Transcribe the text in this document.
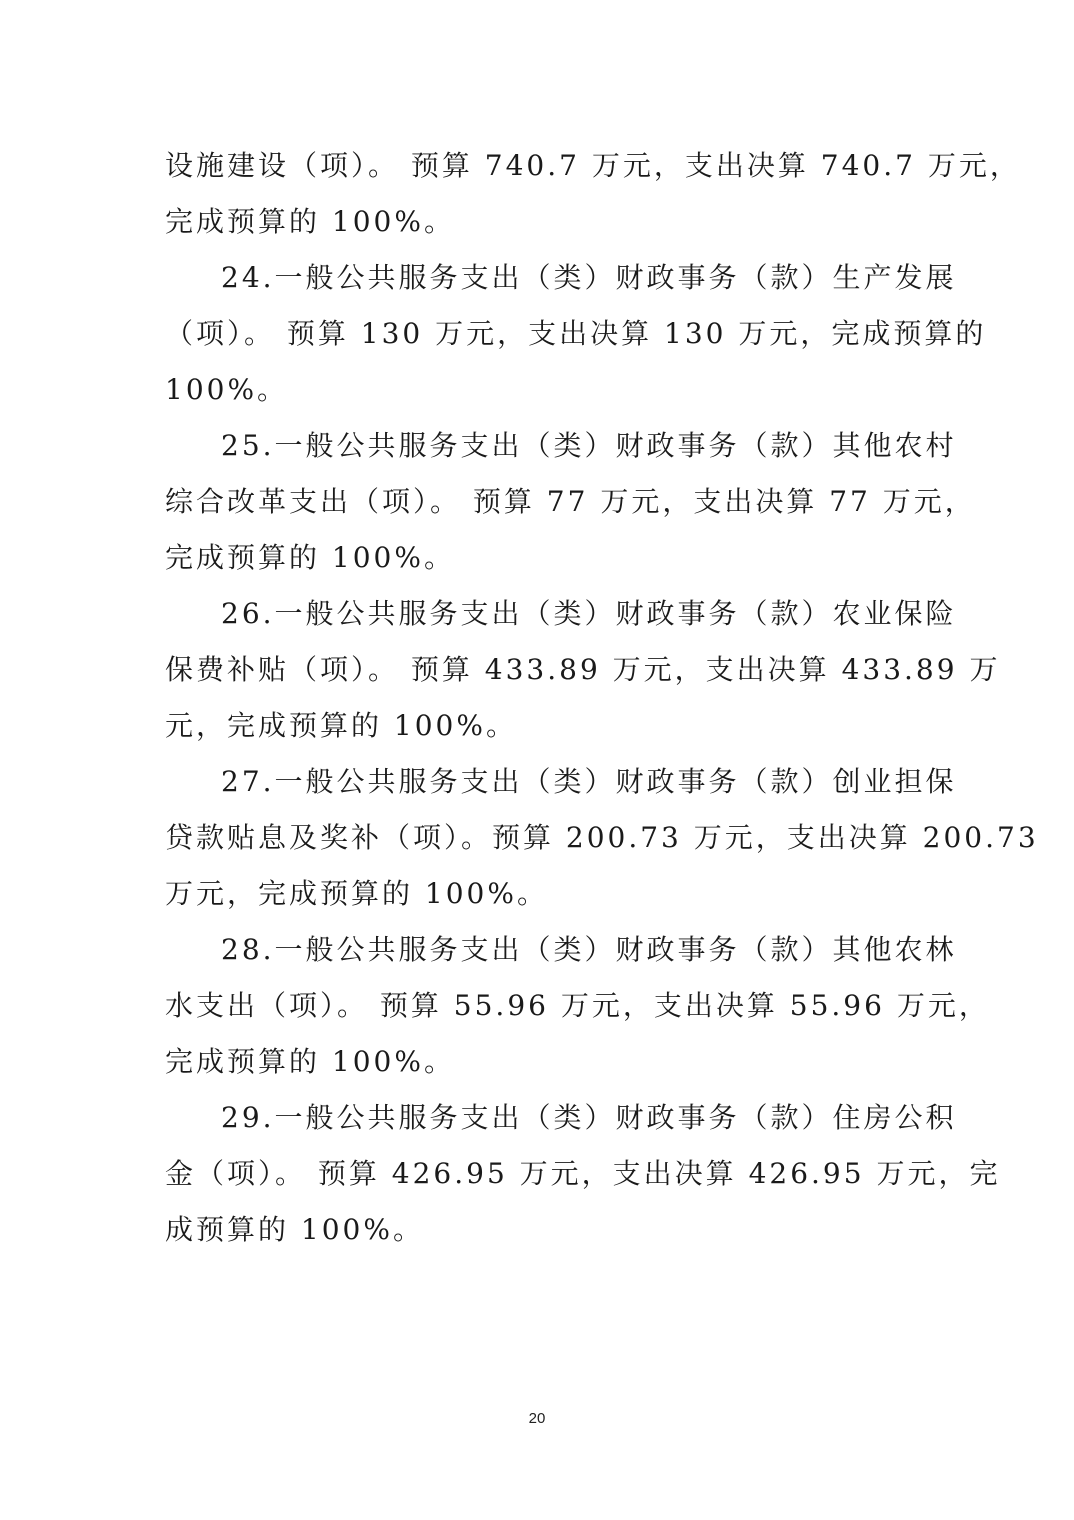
设施建设（项）。 预算 740.7 万元，支出决算 740.7 万元，
完成预算的 100%。

24.一般公共服务支出（类）财政事务（款）生产发展
（项）。 预算 130 万元，支出决算 130 万元，完成预算的
100%。

25.一般公共服务支出（类）财政事务（款）其他农村
综合改革支出（项）。 预算 77 万元，支出决算 77 万元，
完成预算的 100%。

26.一般公共服务支出（类）财政事务（款）农业保险
保费补贴（项）。 预算 433.89 万元，支出决算 433.89 万
元，完成预算的 100%。

27.一般公共服务支出（类）财政事务（款）创业担保
贷款贴息及奖补（项）。预算 200.73 万元，支出决算 200.73
万元，完成预算的 100%。

28.一般公共服务支出（类）财政事务（款）其他农林
水支出（项）。 预算 55.96 万元，支出决算 55.96 万元，
完成预算的 100%。

29.一般公共服务支出（类）财政事务（款）住房公积
金（项）。 预算 426.95 万元，支出决算 426.95 万元，完
成预算的 100%。

20
